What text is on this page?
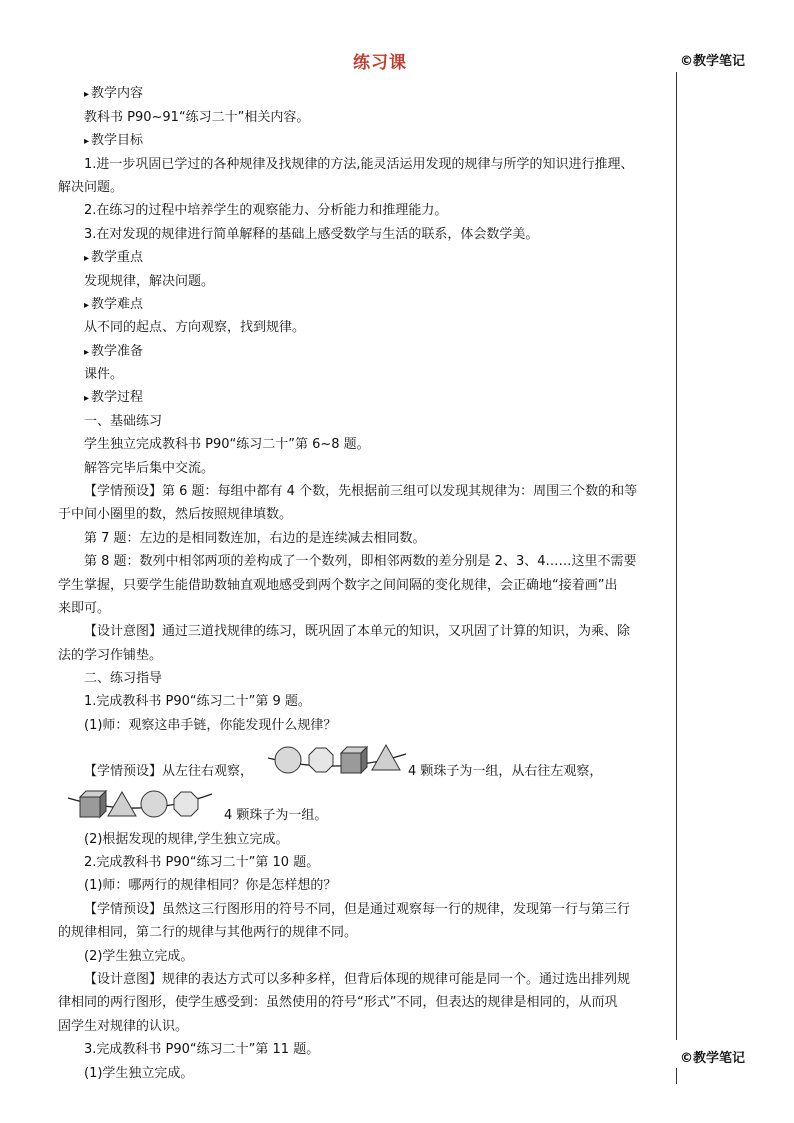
练习课	©教学笔记
©教学笔记
▸ 教学内容
教科书 P90~91“练习二十”相关内容。
▸ 教学目标
1.进一步巩固已学过的各种规律及找规律的方法,能灵活运用发现的规律与所学的知识进行推理、
解决问题。
2.在练习的过程中培养学生的观察能力、分析能力和推理能力。
3.在对发现的规律进行简单解释的基础上感受数学与生活的联系，体会数学美。
▸ 教学重点
发现规律，解决问题。
▸ 教学难点
从不同的起点、方向观察，找到规律。
▸ 教学准备
课件。
▸ 教学过程
一、基础练习
学生独立完成教科书 P90“练习二十”第 6~8 题。
解答完毕后集中交流。
【学情预设】第 6 题：每组中都有 4 个数，先根据前三组可以发现其规律为：周围三个数的和等
于中间小圈里的数，然后按照规律填数。
第 7 题：左边的是相同数连加，右边的是连续减去相同数。
第 8 题：数列中相邻两项的差构成了一个数列，即相邻两数的差分别是 2、3、4……这里不需要
学生掌握，只要学生能借助数轴直观地感受到两个数字之间间隔的变化规律，会正确地“接着画”出
来即可。
【设计意图】通过三道找规律的练习，既巩固了本单元的知识，又巩固了计算的知识，为乘、除
法的学习作铺垫。
二、练习指导
1.完成教科书 P90“练习二十”第 9 题。
(1)师：观察这串手链，你能发现什么规律？
【学情预设】从左往右观察，	4 颗珠子为一组，从右往左观察，
4 颗珠子为一组。
(2)根据发现的规律,学生独立完成。
2.完成教科书 P90“练习二十”第 10 题。
(1)师：哪两行的规律相同？你是怎样想的？
【学情预设】虽然这三行图形用的符号不同，但是通过观察每一行的规律，发现第一行与第三行
的规律相同，第二行的规律与其他两行的规律不同。
(2)学生独立完成。
【设计意图】规律的表达方式可以多种多样，但背后体现的规律可能是同一个。通过选出排列规
律相同的两行图形，使学生感受到：虽然使用的符号“形式”不同，但表达的规律是相同的，从而巩
固学生对规律的认识。
3.完成教科书 P90“练习二十”第 11 题。
(1)学生独立完成。
